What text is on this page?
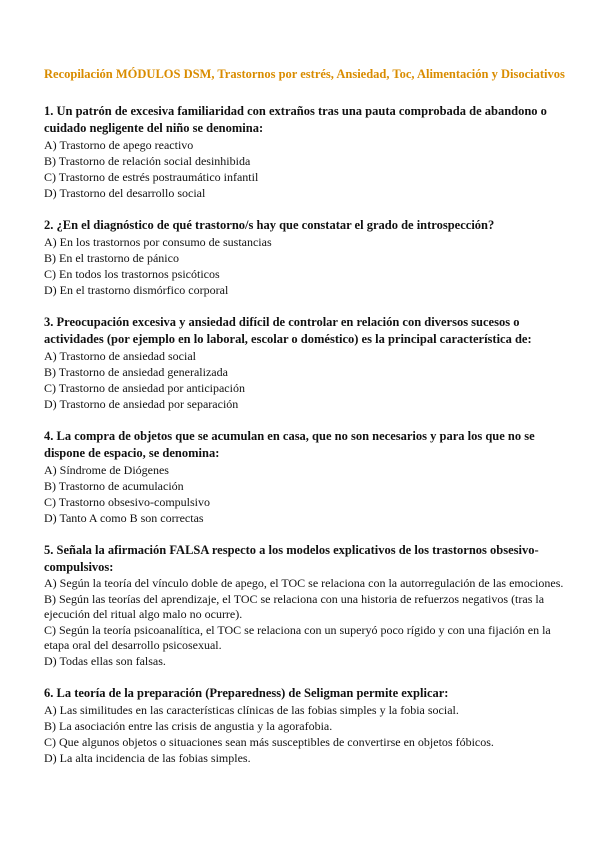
Recopilación MÓDULOS DSM, Trastornos por estrés, Ansiedad, Toc, Alimentación y Disociativos
1. Un patrón de excesiva familiaridad con extraños tras una pauta comprobada de abandono o cuidado negligente del niño se denomina:
A) Trastorno de apego reactivo
B) Trastorno de relación social desinhibida
C) Trastorno de estrés postraumático infantil
D) Trastorno del desarrollo social
2. ¿En el diagnóstico de qué trastorno/s hay que constatar el grado de introspección?
A) En los trastornos por consumo de sustancias
B) En el trastorno de pánico
C) En todos los trastornos psicóticos
D) En el trastorno dismórfico corporal
3. Preocupación excesiva y ansiedad difícil de controlar en relación con diversos sucesos o actividades (por ejemplo en lo laboral, escolar o doméstico) es la principal característica de:
A) Trastorno de ansiedad social
B) Trastorno de ansiedad generalizada
C) Trastorno de ansiedad por anticipación
D) Trastorno de ansiedad por separación
4. La compra de objetos que se acumulan en casa, que no son necesarios y para los que no se dispone de espacio, se denomina:
A) Síndrome de Diógenes
B) Trastorno de acumulación
C) Trastorno obsesivo-compulsivo
D) Tanto A como B son correctas
5. Señala la afirmación FALSA respecto a los modelos explicativos de los trastornos obsesivo-compulsivos:
A) Según la teoría del vínculo doble de apego, el TOC se relaciona con la autorregulación de las emociones.
B) Según las teorías del aprendizaje, el TOC se relaciona con una historia de refuerzos negativos (tras la ejecución del ritual algo malo no ocurre).
C) Según la teoría psicoanalítica, el TOC se relaciona con un superyó poco rígido y con una fijación en la etapa oral del desarrollo psicosexual.
D) Todas ellas son falsas.
6. La teoría de la preparación (Preparedness) de Seligman permite explicar:
A) Las similitudes en las características clínicas de las fobias simples y la fobia social.
B) La asociación entre las crisis de angustia y la agorafobia.
C) Que algunos objetos o situaciones sean más susceptibles de convertirse en objetos fóbicos.
D) La alta incidencia de las fobias simples.
